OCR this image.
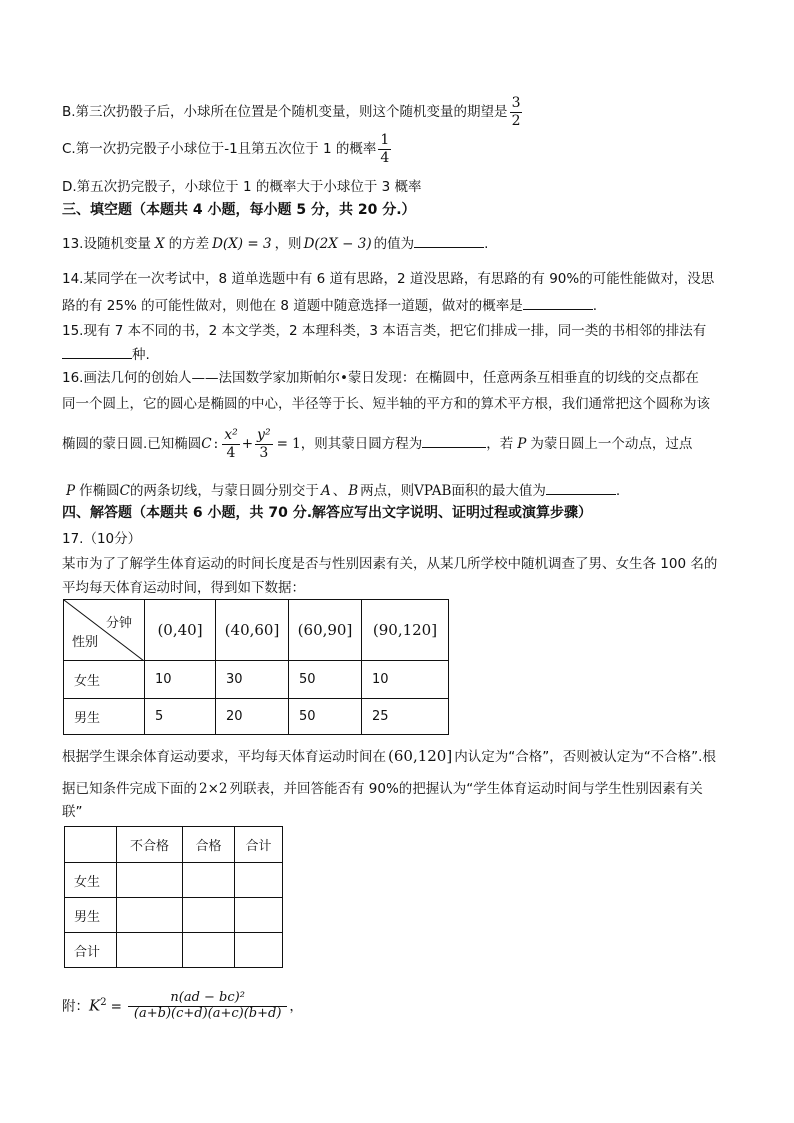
B.第三次扔骰子后，小球所在位置是个随机变量，则这个随机变量的期望是 $\frac{3}{2}$
C.第一次扔完骰子小球位于-1且第五次位于 1 的概率 $\frac{1}{4}$
D.第五次扔完骰子，小球位于 1 的概率大于小球位于 3 概率
三、填空题（本题共 4 小题，每小题 5 分，共 20 分.）
13.设随机变量 X 的方差 D(X) = 3 ，则 D(2X − 3) 的值为	.
14.某同学在一次考试中，8 道单选题中有 6 道有思路，2 道没思路，有思路的有 90%的可能性能做对，没思
路的有 25% 的可能性做对，则他在 8 道题中随意选择一道题，做对的概率是	.
15.现有 7 本不同的书，2 本文学类，2 本理科类，3 本语言类，把它们排成一排，同一类的书相邻的排法有
种.
16.画法几何的创始人——法国数学家加斯帕尔•蒙日发现：在椭圆中，任意两条互相垂直的切线的交点都在
同一个圆上，它的圆心是椭圆的中心，半径等于长、短半轴的平方和的算术平方根，我们通常把这个圆称为该
椭圆的蒙日圆.已知椭圆C : $\frac{\text{x²}}{4} + \frac{\text{y²}}{3} = 1$，则其蒙日圆方程为	，若 P 为蒙日圆上一个动点，过点
P 作椭圆C的两条切线，与蒙日圆分别交于 A 、 B 两点，则VPAB面积的最大值为	.
四、解答题（本题共 6 小题，共 70 分.解答应写出文字说明、证明过程或演算步骤）
17.（10分）
某市为了了解学生体育运动的时间长度是否与性别因素有关，从某几所学校中随机调查了男、女生各 100 名的
平均每天体育运动时间，得到如下数据：
分钟
性别	(0,40]	(40,60]	(60,90]	(90,120]
女生	10	30	50	10
男生	5	20	50	25
根据学生课余体育运动要求，平均每天体育运动时间在 (60,120] 内认定为“合格”，否则被认定为“不合格”.根
据已知条件完成下面的 2×2 列联表，并回答能否有 90%的把握认为“学生体育运动时间与学生性别因素有关
联”
	不合格	合格	合计
女生			
男生			
合计			
附：$K^2 = \frac{\text{n(ad − bc)²}}{(a+b)(c+d)(a+c)(b+d)}$ ，
